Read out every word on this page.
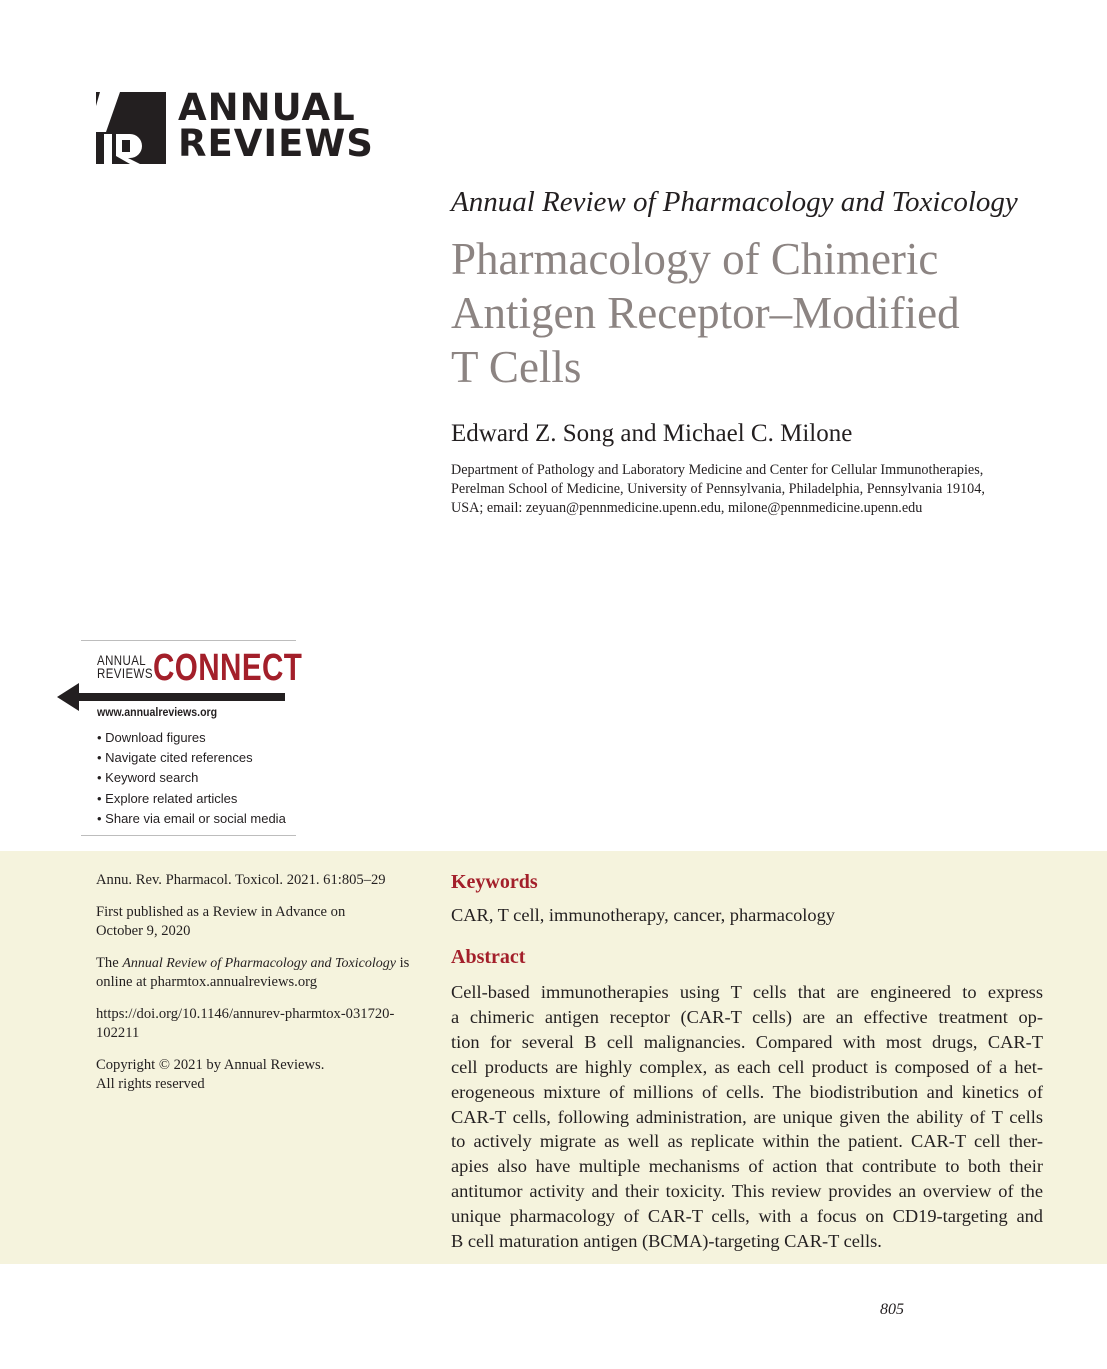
ANNUAL
REVIEWS
Annual Review of Pharmacology and Toxicology
Pharmacology of Chimeric
Antigen Receptor–Modified
T Cells
Edward Z. Song and Michael C. Milone
Department of Pathology and Laboratory Medicine and Center for Cellular Immunotherapies,
Perelman School of Medicine, University of Pennsylvania, Philadelphia, Pennsylvania 19104,
USA; email: zeyuan@pennmedicine.upenn.edu, milone@pennmedicine.upenn.edu
ANNUAL
REVIEWS CONNECT
www.annualreviews.org
• Download figures
• Navigate cited references
• Keyword search
• Explore related articles
• Share via email or social media

Annu. Rev. Pharmacol. Toxicol. 2021. 61:805–29

First published as a Review in Advance on
October 9, 2020

The Annual Review of Pharmacology and Toxicology is
online at pharmtox.annualreviews.org

https://doi.org/10.1146/annurev-pharmtox-031720-
102211

Copyright © 2021 by Annual Reviews.
All rights reserved

Keywords
CAR, T cell, immunotherapy, cancer, pharmacology
Abstract
Cell-based immunotherapies using T cells that are engineered to express
a chimeric antigen receptor (CAR-T cells) are an effective treatment op-
tion for several B cell malignancies. Compared with most drugs, CAR-T
cell products are highly complex, as each cell product is composed of a het-
erogeneous mixture of millions of cells. The biodistribution and kinetics of
CAR-T cells, following administration, are unique given the ability of T cells
to actively migrate as well as replicate within the patient. CAR-T cell ther-
apies also have multiple mechanisms of action that contribute to both their
antitumor activity and their toxicity. This review provides an overview of the
unique pharmacology of CAR-T cells, with a focus on CD19-targeting and
B cell maturation antigen (BCMA)-targeting CAR-T cells.
805
